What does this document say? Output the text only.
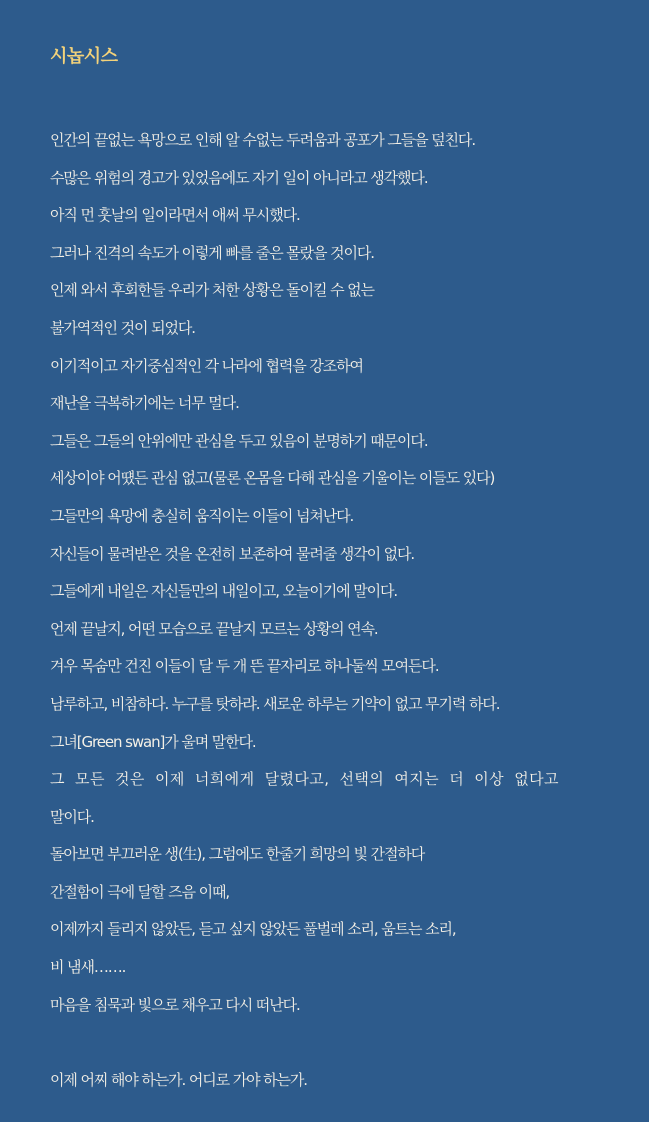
시놉시스
인간의 끝없는 욕망으로 인해 알 수없는 두려움과 공포가 그들을 덮친다.
수많은 위험의 경고가 있었음에도 자기 일이 아니라고 생각했다.
아직 먼 훗날의 일이라면서 애써 무시했다.
그러나 진격의 속도가 이렇게 빠를 줄은 몰랐을 것이다.
인제 와서 후회한들 우리가 처한 상황은 돌이킬 수 없는
불가역적인 것이 되었다.
이기적이고 자기중심적인 각 나라에 협력을 강조하여
재난을 극복하기에는 너무 멀다.
그들은 그들의 안위에만 관심을 두고 있음이 분명하기 때문이다.
세상이야 어떘든 관심 없고(물론 온몸을 다해 관심을 기울이는 이들도 있다)
그들만의 욕망에 충실히 움직이는 이들이 넘쳐난다.
자신들이 물려받은 것을 온전히 보존하여 물려줄 생각이 없다.
그들에게 내일은 자신들만의 내일이고, 오늘이기에 말이다.
언제 끝날지, 어떤 모습으로 끝날지 모르는 상황의 연속.
겨우 목숨만 건진 이들이 달 두 개 뜬 끝자리로 하나둘씩 모여든다.
남루하고, 비참하다. 누구를 탓하랴. 새로운 하루는 기약이 없고 무기력 하다.
그녀[Green swan]가 울며 말한다.
그 모든 것은 이제 너희에게 달렸다고, 선택의 여지는 더 이상 없다고
말이다.
돌아보면 부끄러운 생(生), 그럼에도 한줄기 희망의 빛 간절하다
간절함이 극에 달할 즈음 이때,
이제까지 들리지 않았든, 듣고 싶지 않았든 풀벌레 소리, 움트는 소리,
비 냄새…….
마음을 침묵과 빛으로 채우고 다시 떠난다.
이제 어찌 해야 하는가. 어디로 가야 하는가.
